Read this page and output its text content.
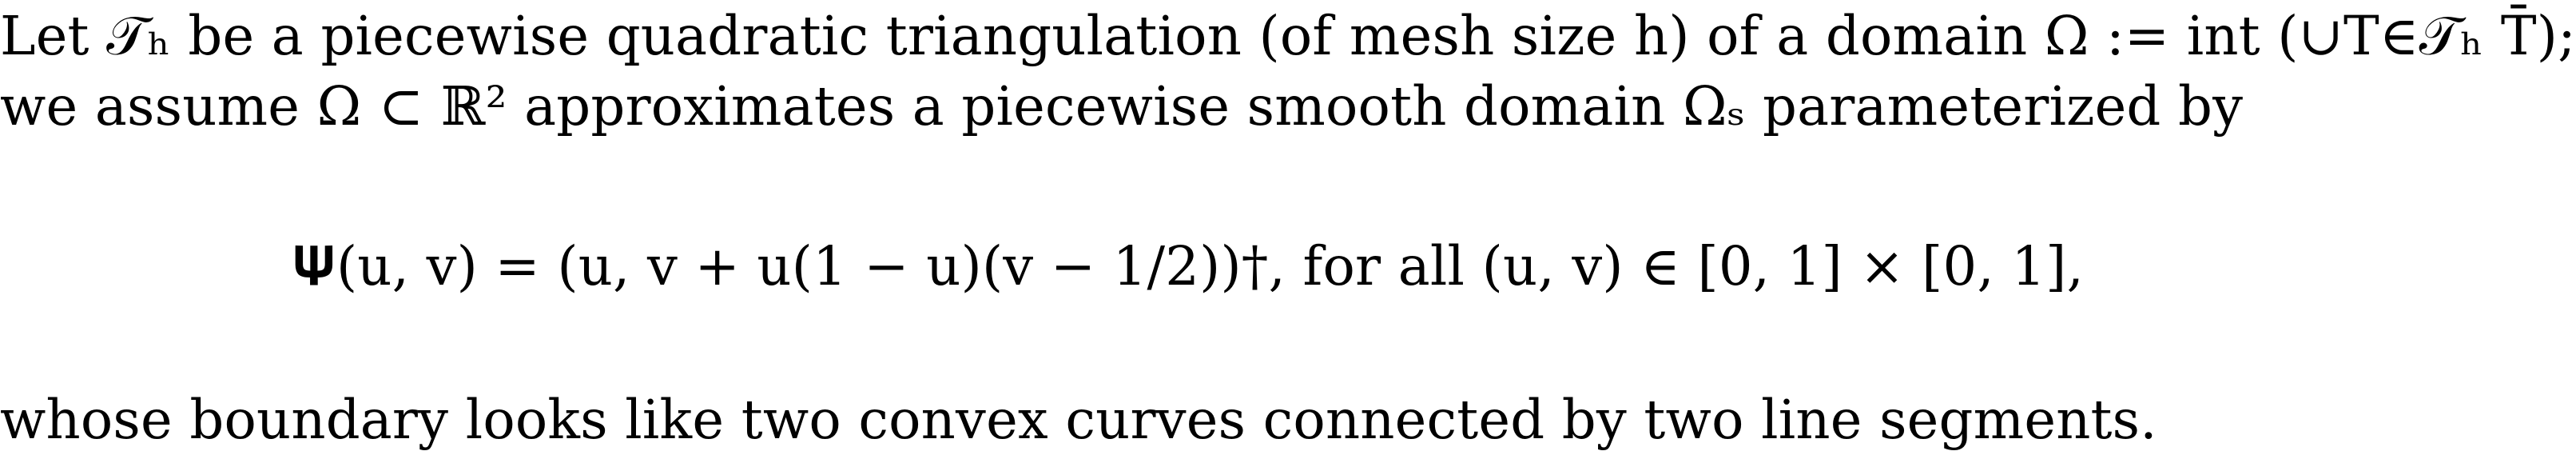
Let 𝒯ₕ be a piecewise quadratic triangulation (of mesh size h) of a domain Ω := int (∪T∈𝒯ₕ T̄);
we assume Ω ⊂ ℝ² approximates a piecewise smooth domain Ωₛ parameterized by
𝚿(u, v) = (u, v + u(1 − u)(v − 1/2))†, for all (u, v) ∈ [0, 1] × [0, 1],
whose boundary looks like two convex curves connected by two line segments.
